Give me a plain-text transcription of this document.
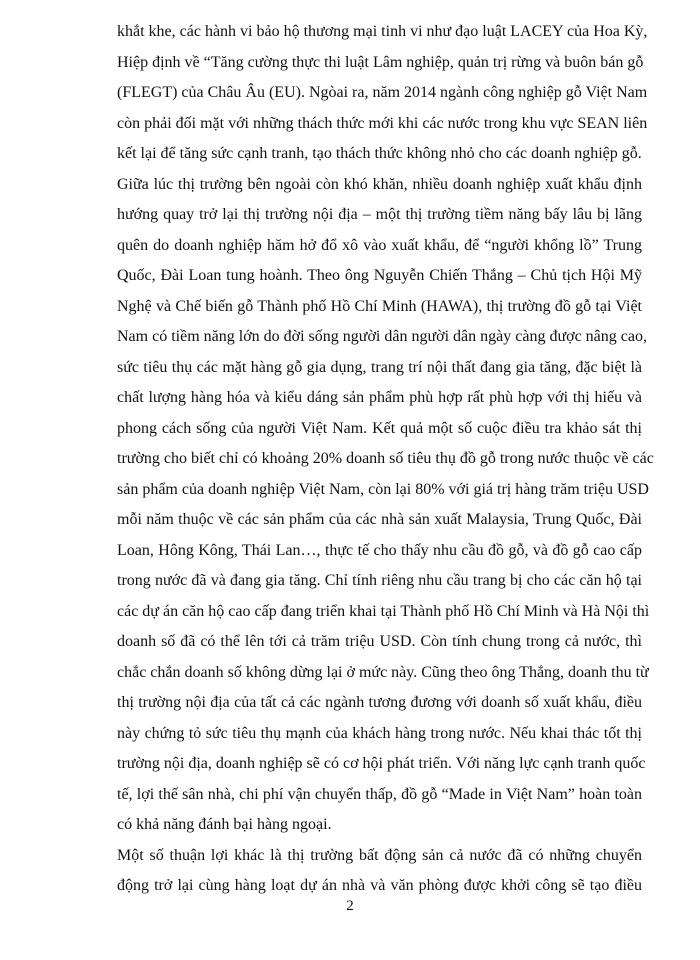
khắt khe, các hành vi bảo hộ thương mại tinh vi như đạo luật LACEY của Hoa Kỳ,
Hiệp định về “Tăng cường thực thi luật Lâm nghiệp, quản trị rừng và buôn bán gỗ
(FLEGT) của Châu Âu (EU). Ngòai ra, năm 2014 ngành công nghiệp gỗ Việt Nam
còn phải đối mặt với những thách thức mới khi các nước trong khu vực SEAN liên
kết lại để tăng sức cạnh tranh, tạo thách thức không nhỏ cho các doanh nghiệp gỗ.
Giữa lúc thị trường bên ngoài còn khó khăn, nhiều doanh nghiệp xuất khẩu định
hướng quay trở lại thị trường nội địa – một thị trường tiềm năng bấy lâu bị lãng
quên do doanh nghiệp hăm hở đổ xô vào xuất khẩu, để “người khổng lồ” Trung
Quốc, Đài Loan tung hoành. Theo ông Nguyễn Chiến Thắng – Chủ tịch Hội Mỹ
Nghệ và Chế biến gỗ Thành phố Hồ Chí Minh (HAWA), thị trường đồ gỗ tại Việt
Nam có tiềm năng lớn do đời sống người dân người dân ngày càng được nâng cao,
sức tiêu thụ các mặt hàng gỗ gia dụng, trang trí nội thất đang gia tăng, đặc biệt là
chất lượng hàng hóa và kiểu dáng sản phẩm phù hợp rất phù hợp với thị hiếu và
phong cách sống của người Việt Nam. Kết quả một số cuộc điều tra khảo sát thị
trường cho biết chỉ có khoảng 20% doanh số tiêu thụ đồ gỗ trong nước thuộc về các
sản phẩm của doanh nghiệp Việt Nam, còn lại 80% với giá trị hàng trăm triệu USD
mỗi năm thuộc về các sản phẩm của các nhà sản xuất Malaysia, Trung Quốc, Đài
Loan, Hông Kông, Thái Lan…, thực tế cho thấy nhu cầu đồ gỗ, và đồ gỗ cao cấp
trong nước đã và đang gia tăng. Chỉ tính riêng nhu cầu trang bị cho các căn hộ tại
các dự án căn hộ cao cấp đang triển khai tại Thành phố Hồ Chí Minh và Hà Nội thì
doanh số đã có thể lên tới cả trăm triệu USD. Còn tính chung trong cả nước, thì
chắc chắn doanh số không dừng lại ở mức này. Cũng theo ông Thắng, doanh thu từ
thị trường nội địa của tất cả các ngành tương đương với doanh số xuất khẩu, điều
này chứng tỏ sức tiêu thụ mạnh của khách hàng trong nước. Nếu khai thác tốt thị
trường nội địa, doanh nghiệp sẽ có cơ hội phát triển. Với năng lực cạnh tranh quốc
tế, lợi thế sân nhà, chi phí vận chuyển thấp, đồ gỗ “Made in Việt Nam” hoàn toàn
có khả năng đánh bại hàng ngoại.
Một số thuận lợi khác là thị trường bất động sản cả nước đã có những chuyển
động trở lại cùng hàng loạt dự án nhà và văn phòng được khởi công sẽ tạo điều
2
